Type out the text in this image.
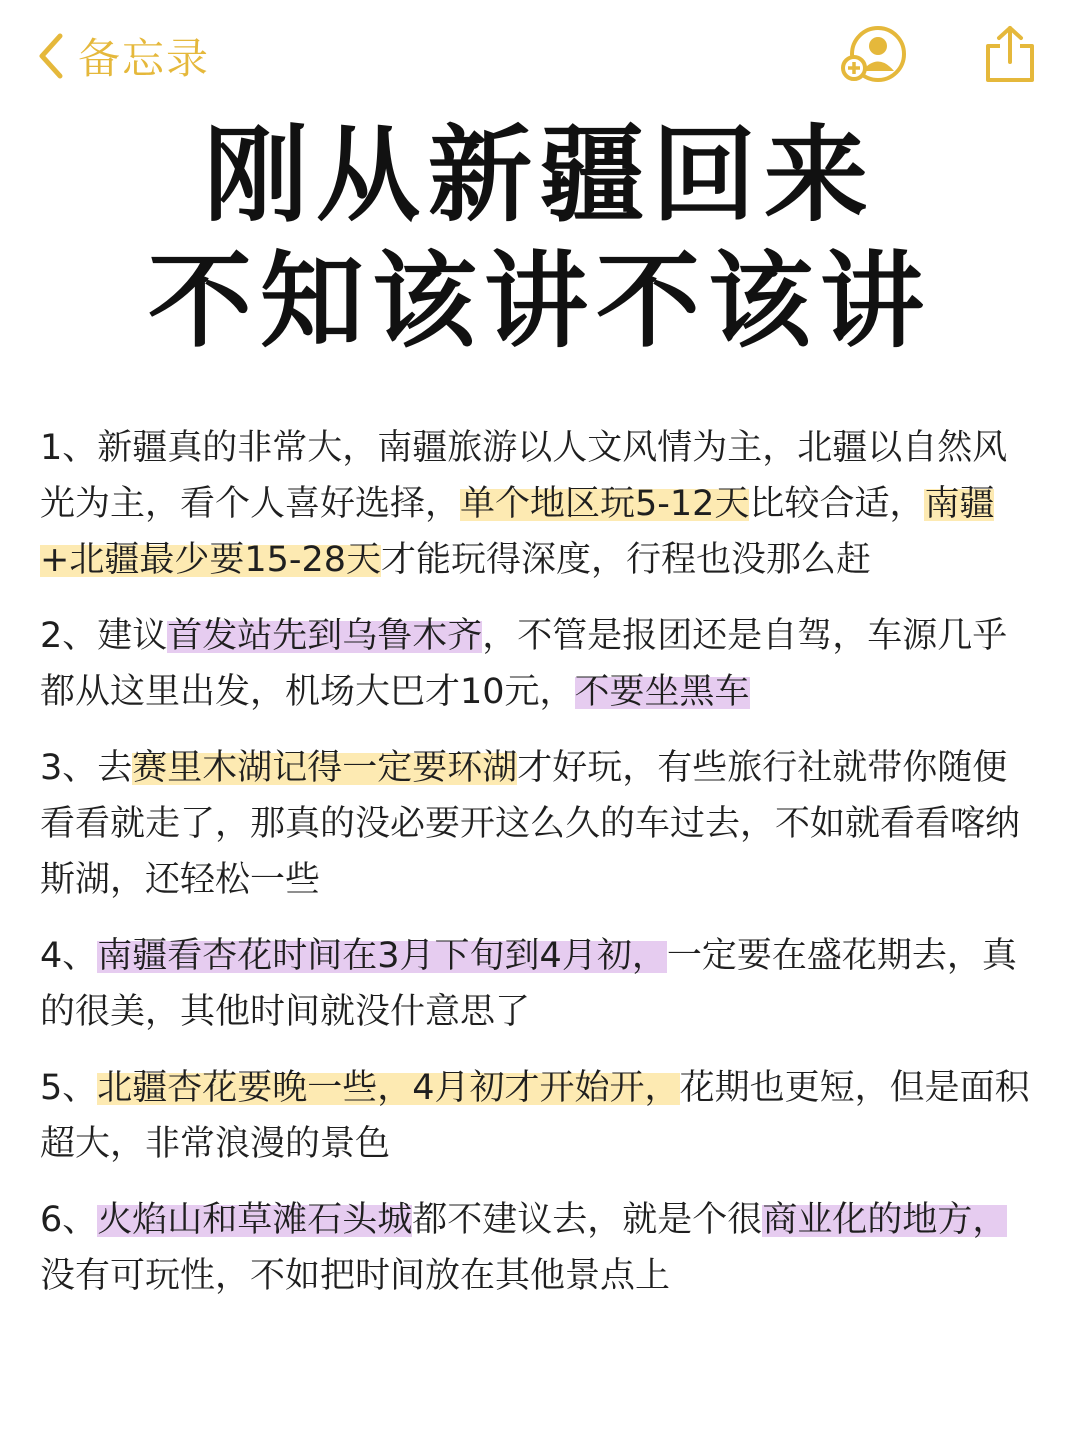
备忘录
刚从新疆回来
不知该讲不该讲
1、新疆真的非常大，南疆旅游以人文风情为主，北疆以自然风光为主，看个人喜好选择，单个地区玩5-12天比较合适，南疆+北疆最少要15-28天才能玩得深度，行程也没那么赶
2、建议首发站先到乌鲁木齐，不管是报团还是自驾，车源几乎都从这里出发，机场大巴才10元，不要坐黑车
3、去赛里木湖记得一定要环湖才好玩，有些旅行社就带你随便看看就走了，那真的没必要开这么久的车过去，不如就看看喀纳斯湖，还轻松一些
4、南疆看杏花时间在3月下旬到4月初，一定要在盛花期去，真的很美，其他时间就没什意思了
5、北疆杏花要晚一些，4月初才开始开，花期也更短，但是面积超大，非常浪漫的景色
6、火焰山和草滩石头城都不建议去，就是个很商业化的地方，没有可玩性，不如把时间放在其他景点上
